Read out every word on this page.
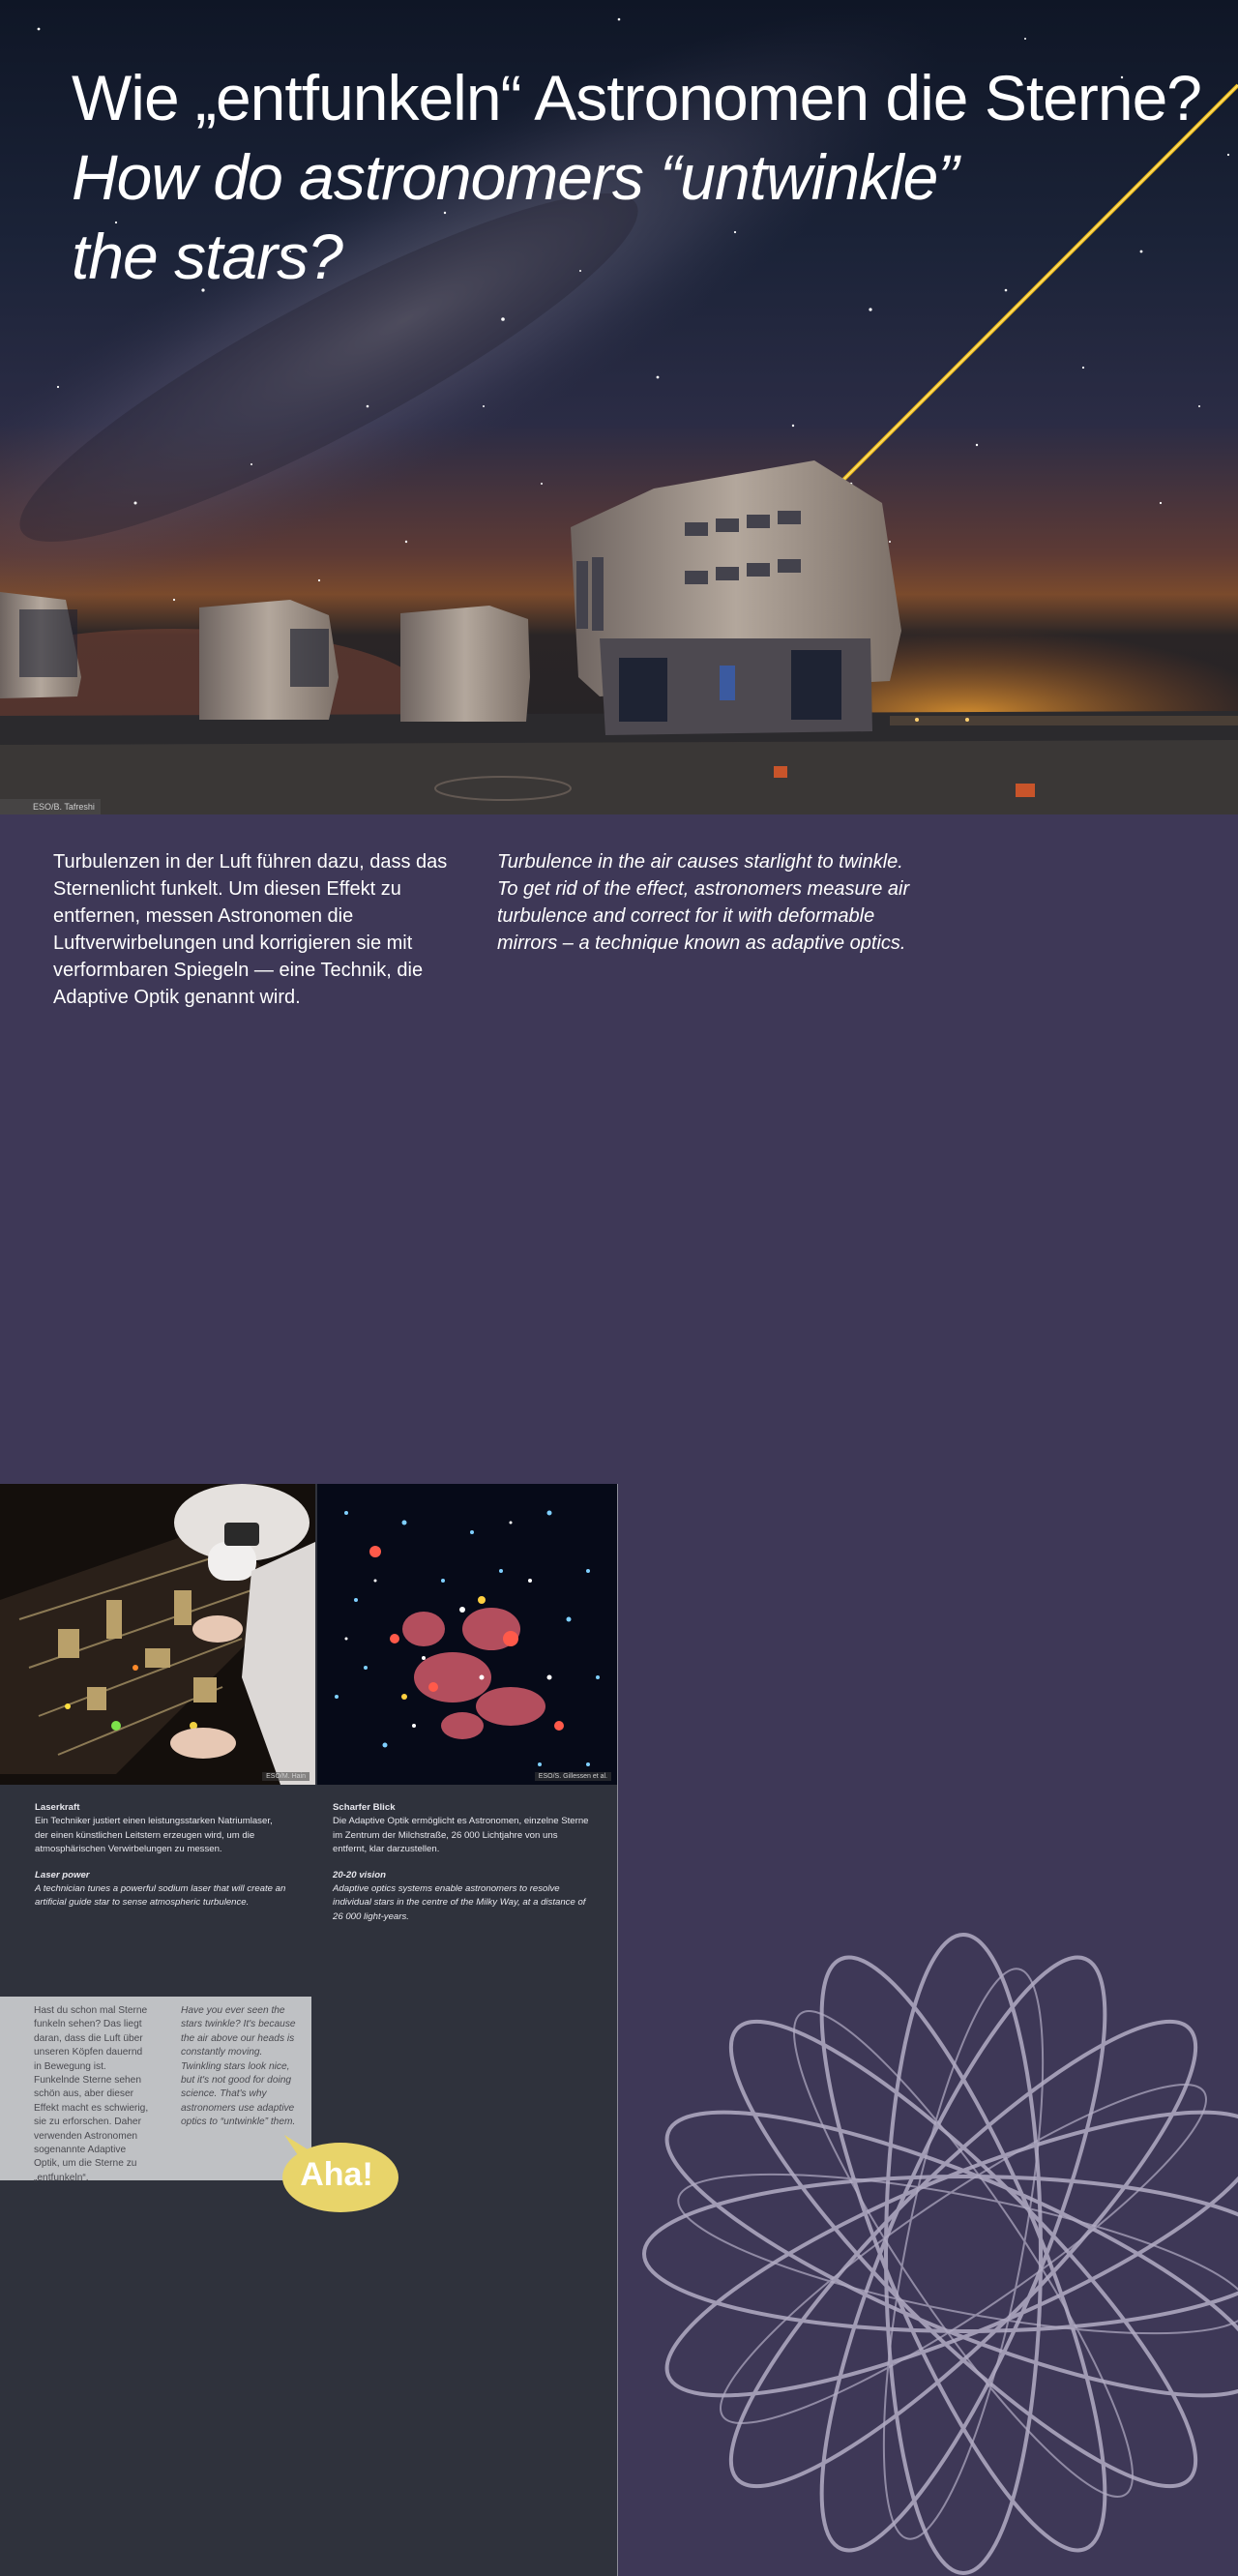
Wie „entfunkeln“ Astronomen die Sterne?
How do astronomers “untwinkle”
the stars?
ESO/B. Tafreshi

Turbulenzen in der Luft führen dazu, dass das Sternenlicht funkelt. Um diesen Effekt zu entfernen, messen Astronomen die Luftverwirbelungen und korrigieren sie mit verformbaren Spiegeln — eine Technik, die Adaptive Optik genannt wird.

Turbulence in the air causes starlight to twinkle. To get rid of the effect, astronomers measure air turbulence and correct for it with deformable mirrors – a technique known as adaptive optics.

ESO/M. Hain	ESO/S. Gillessen et al.
Laserkraft
Ein Techniker justiert einen leistungsstarken Natriumlaser, der einen künstlichen Leitstern erzeugen wird, um die atmosphärischen Verwirbelungen zu messen.
Laser power
A technician tunes a powerful sodium laser that will create an artificial guide star to sense atmospheric turbulence.
Scharfer Blick
Die Adaptive Optik ermöglicht es Astronomen, einzelne Sterne im Zentrum der Milchstraße, 26 000 Lichtjahre von uns entfernt, klar darzustellen.
20-20 vision
Adaptive optics systems enable astronomers to resolve individual stars in the centre of the Milky Way, at a distance of 26 000 light-years.
Hast du schon mal Sterne funkeln sehen? Das liegt daran, dass die Luft über unseren Köpfen dauernd in Bewegung ist. Funkelnde Sterne sehen schön aus, aber dieser Effekt macht es schwierig, sie zu erforschen. Daher verwenden Astronomen sogenannte Adaptive Optik, um die Sterne zu „entfunkeln“.
Have you ever seen the stars twinkle? It's because the air above our heads is constantly moving. Twinkling stars look nice, but it's not good for doing science. That's why astronomers use adaptive optics to “untwinkle” them.
Aha!
